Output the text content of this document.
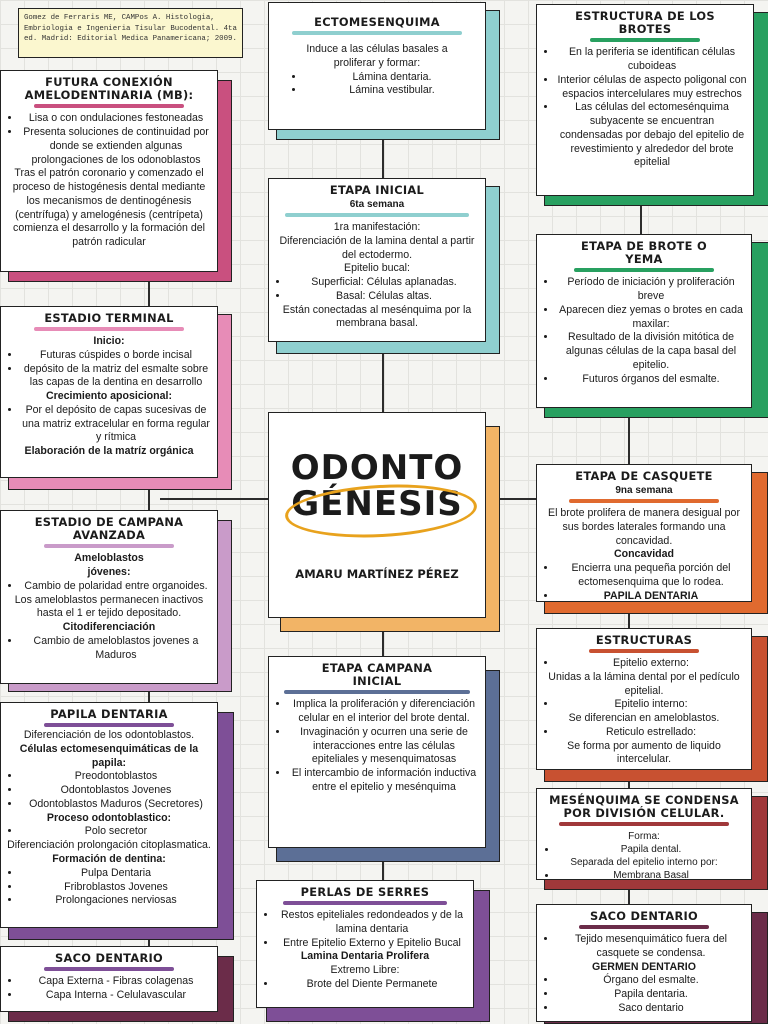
Gomez de Ferraris ME, CAMPos A. Histologia, Embriologia e Ingenieria Tisular Bucodental. 4ta ed. Madrid: Editorial Medica Panamericana; 2009.
ECTOMESENQUIMA

Induce a las células basales a proliferar y formar:

• Lámina dentaria.
• Lámina vestibular.
ETAPA INICIAL
6ta semana

1ra manifestación:

Diferenciación de la lamina dental a partir del ectodermo.

Epitelio bucal:

• Superficial: Células aplanadas.
• Basal: Células altas.

Están conectadas al mesénquima por la membrana basal.

ESTRUCTURA DE LOS BROTES
• En la periferia se identifican células cuboideas
• Interior células de aspecto poligonal con espacios intercelulares muy estrechos
• Las células del ectomesénquima subyacente se encuentran condensadas por debajo del epitelio de revestimiento y alrededor del brote epitelial
ETAPA DE BROTE O YEMA
• Período de iniciación y proliferación breve
• Aparecen diez yemas o brotes en cada maxilar:
• Resultado de la división mitótica de algunas células de la capa basal del epitelio.
• Futuros órganos del esmalte.
ODONTO
GÉNESIS
AMARU MARTÍNEZ PÉREZ
ETAPA DE CASQUETE
9na semana

El brote prolifera de manera desigual por sus bordes laterales formando una concavidad.

Concavidad

• Encierra una pequeña porción del ectomesenquima que lo rodea.
• PAPILA DENTARIA
ESTRUCTURAS
• Epitelio externo:

Unidas a la lámina dental por el pedículo epitelial.

• Epitelio interno:

Se diferencian en ameloblastos.

• Reticulo estrellado:

Se forma por aumento de liquido intercelular.

MESÉNQUIMA SE CONDENSA POR DIVISIÓN CELULAR.

Forma:

• Papila dental.

Separada del epitelio interno por:

• Membrana Basal
SACO DENTARIO
• Tejido mesenquimático fuera del casquete se condensa.

GERMEN DENTARIO

• Órgano del esmalte.
• Papila dentaria.
• Saco dentario
FUTURA CONEXIÓN AMELODENTINARIA (MB):
• Lisa o con ondulaciones festoneadas
• Presenta soluciones de continuidad por donde se extienden algunas prolongaciones de los odonoblastos

Tras el patrón coronario y comenzado el proceso de histogénesis dental mediante los mecanismos de dentinogénesis (centrífuga) y amelogénesis (centrípeta) comienza el desarrollo y la formación del patrón radicular

ESTADIO TERMINAL

Inicio:

• Futuras cúspides o borde incisal
• depósito de la matriz del esmalte sobre las capas de la dentina en desarrollo

Crecimiento aposicional:

• Por el depósito de capas sucesivas de una matriz extracelular en forma regular y rítmica

Elaboración de la matríz orgánica

ESTADIO DE CAMPANA AVANZADA

Ameloblastos jóvenes:

• Cambio de polaridad entre organoides.

Los ameloblastos permanecen inactivos hasta el 1 er tejido depositado.

Citodiferenciación

• Cambio de ameloblastos jovenes a Maduros
PAPILA DENTARIA

Diferenciación de los odontoblastos.

Células ectomesenquimáticas de la papila:

• Preodontoblastos
• Odontoblastos Jovenes
• Odontoblastos Maduros (Secretores)

Proceso odontoblastico:

• Polo secretor

Diferenciación prolongación citoplasmatica.

Formación de dentina:

• Pulpa Dentaria
• Fribroblastos Jovenes
• Prolongaciones nerviosas
SACO DENTARIO
• Capa Externa - Fibras colagenas
• Capa Interna - Celulavascular
ETAPA CAMPANA INICIAL
• Implica la proliferación y diferenciación celular en el interior del brote dental.
• Invaginación y ocurren una serie de interacciones entre las células epiteliales y mesenquimatosas
• El intercambio de información inductiva entre el epitelio y mesénquima
PERLAS DE SERRES
• Restos epiteliales redondeados y de la lamina dentaria
• Entre Epitelio Externo y Epitelio Bucal

Lamina Dentaria Prolifera

Extremo Libre:

• Brote del Diente Permanete
